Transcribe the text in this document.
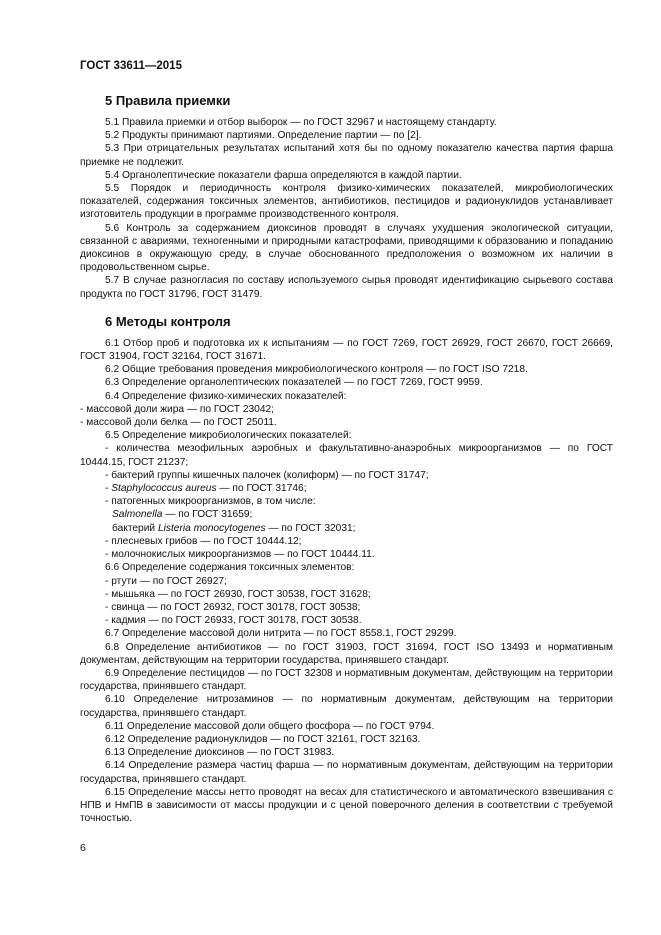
ГОСТ 33611—2015
5 Правила приемки

5.1 Правила приемки и отбор выборок — по ГОСТ 32967 и настоящему стандарту.

5.2 Продукты принимают партиями. Определение партии — по [2].

5.3 При отрицательных результатах испытаний хотя бы по одному показателю качества партия фарша приемке не подлежит.

5.4 Органолептические показатели фарша определяются в каждой партии.

5.5 Порядок и периодичность контроля физико-химических показателей, микробиологических показателей, содержания токсичных элементов, антибиотиков, пестицидов и радионуклидов устанавливает изготовитель продукции в программе производственного контроля.

5.6 Контроль за содержанием диоксинов проводят в случаях ухудшения экологической ситуации, связанной с авариями, техногенными и природными катастрофами, приводящими к образованию и попаданию диоксинов в окружающую среду, в случае обоснованного предположения о возможном их наличии в продовольственном сырье.

5.7 В случае разногласия по составу используемого сырья проводят идентификацию сырьевого состава продукта по ГОСТ 31796, ГОСТ 31479.

6 Методы контроля

6.1 Отбор проб и подготовка их к испытаниям — по ГОСТ 7269, ГОСТ 26929, ГОСТ 26670, ГОСТ 26669, ГОСТ 31904, ГОСТ 32164, ГОСТ 31671.

6.2 Общие требования проведения микробиологического контроля — по ГОСТ ISO 7218.

6.3 Определение органолептических показателей — по ГОСТ 7269, ГОСТ 9959.

6.4 Определение физико-химических показателей:

- массовой доли жира — по ГОСТ 23042;

- массовой доли белка — по ГОСТ 25011.

6.5 Определение микробиологических показателей:

- количества мезофильных аэробных и факультативно-анаэробных микроорганизмов — по ГОСТ 10444.15, ГОСТ 21237;

- бактерий группы кишечных палочек (колиформ) — по ГОСТ 31747;

- Staphylococcus aureus — по ГОСТ 31746;

- патогенных микроорганизмов, в том числе:

Salmonella — по ГОСТ 31659;

бактерий Listeria monocytogenes — по ГОСТ 32031;

- плесневых грибов — по ГОСТ 10444.12;

- молочнокислых микроорганизмов — по ГОСТ 10444.11.

6.6 Определение содержания токсичных элементов:

- ртути — по ГОСТ 26927;

- мышьяка — по ГОСТ 26930, ГОСТ 30538, ГОСТ 31628;

- свинца — по ГОСТ 26932, ГОСТ 30178, ГОСТ 30538;

- кадмия — по ГОСТ 26933, ГОСТ 30178, ГОСТ 30538.

6.7 Определение массовой доли нитрита — по ГОСТ 8558.1, ГОСТ 29299.

6.8 Определение антибиотиков — по ГОСТ 31903, ГОСТ 31694, ГОСТ ISO 13493 и нормативным документам, действующим на территории государства, принявшего стандарт.

6.9 Определение пестицидов — по ГОСТ 32308 и нормативным документам, действующим на территории государства, принявшего стандарт.

6.10 Определение нитрозаминов — по нормативным документам, действующим на территории государства, принявшего стандарт.

6.11 Определение массовой доли общего фосфора — по ГОСТ 9794.

6.12 Определение радионуклидов — по ГОСТ 32161, ГОСТ 32163.

6.13 Определение диоксинов — по ГОСТ 31983.

6.14 Определение размера частиц фарша — по нормативным документам, действующим на территории государства, принявшего стандарт.

6.15 Определение массы нетто проводят на весах для статистического и автоматического взвешивания с НПВ и НмПВ в зависимости от массы продукции и с ценой поверочного деления в соответствии с требуемой точностью.

6
